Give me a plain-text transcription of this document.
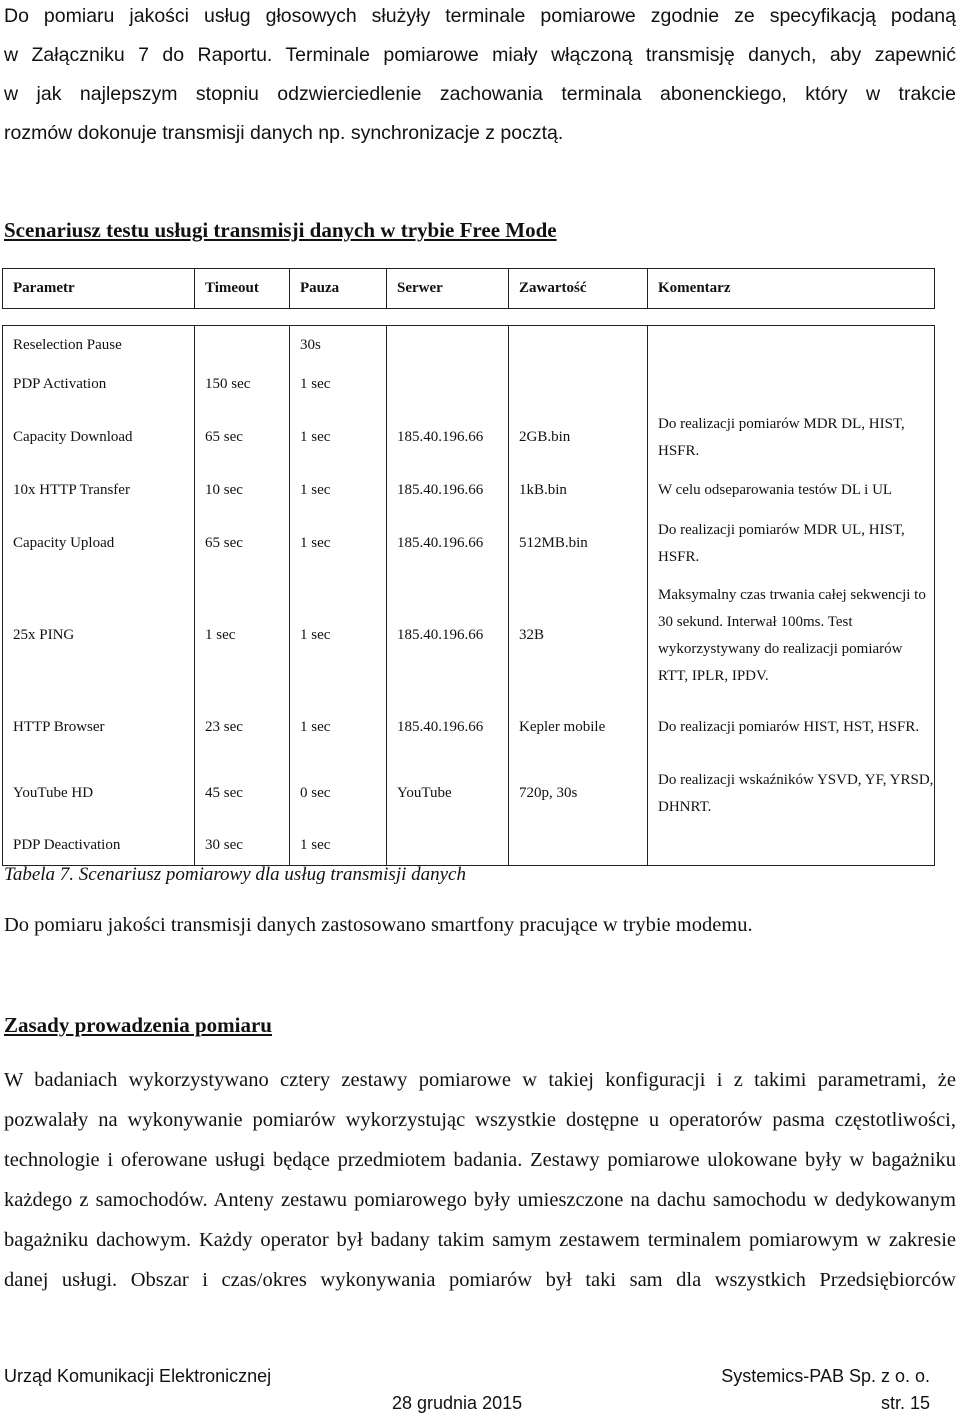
Do pomiaru jakości usług głosowych służyły terminale pomiarowe zgodnie ze specyfikacją podaną

w Załączniku 7 do Raportu. Terminale pomiarowe miały włączoną transmisję danych, aby zapewnić

w jak najlepszym stopniu odzwierciedlenie zachowania terminala abonenckiego, który w trakcie

rozmów dokonuje transmisji danych np. synchronizacje z pocztą.

Scenariusz testu usługi transmisji danych w trybie Free Mode

Parametr	Timeout	Pauza	Serwer	Zawartość	Komentarz

Reselection Pause		30s			
PDP Activation	150 sec	1 sec			
Capacity Download	65 sec	1 sec	185.40.196.66	2GB.bin	Do realizacji pomiarów MDR DL, HIST, HSFR.
10x HTTP Transfer	10 sec	1 sec	185.40.196.66	1kB.bin	W celu odseparowania testów DL i UL
Capacity Upload	65 sec	1 sec	185.40.196.66	512MB.bin	Do realizacji pomiarów MDR UL, HIST, HSFR.
25x PING	1 sec	1 sec	185.40.196.66	32B	Maksymalny czas trwania całej sekwencji to 30 sekund. Interwał 100ms. Test wykorzystywany do realizacji pomiarów RTT, IPLR, IPDV.
HTTP Browser	23 sec	1 sec	185.40.196.66	Kepler mobile	Do realizacji pomiarów HIST, HST, HSFR.
YouTube HD	45 sec	0 sec	YouTube	720p, 30s	Do realizacji wskaźników YSVD, YF, YRSD, DHNRT.
PDP Deactivation	30 sec	1 sec			

Tabela 7. Scenariusz pomiarowy dla usług transmisji danych

Do pomiaru jakości transmisji danych zastosowano smartfony pracujące w trybie modemu.

Zasady prowadzenia pomiaru

W badaniach wykorzystywano cztery zestawy pomiarowe w takiej konfiguracji i z takimi parametrami, że pozwalały na wykonywanie pomiarów wykorzystując wszystkie dostępne u operatorów pasma częstotliwości, technologie i oferowane usługi będące przedmiotem badania. Zestawy pomiarowe ulokowane były w bagażniku każdego z samochodów. Anteny zestawu pomiarowego były umieszczone na dachu samochodu w dedykowanym bagażniku dachowym. Każdy operator był badany takim samym zestawem terminalem pomiarowym w zakresie danej usługi. Obszar i czas/okres wykonywania pomiarów był taki sam dla wszystkich Przedsiębiorców

Urząd Komunikacji Elektronicznej	Systemics-PAB Sp. z o. o.
28 grudnia 2015	str. 15
